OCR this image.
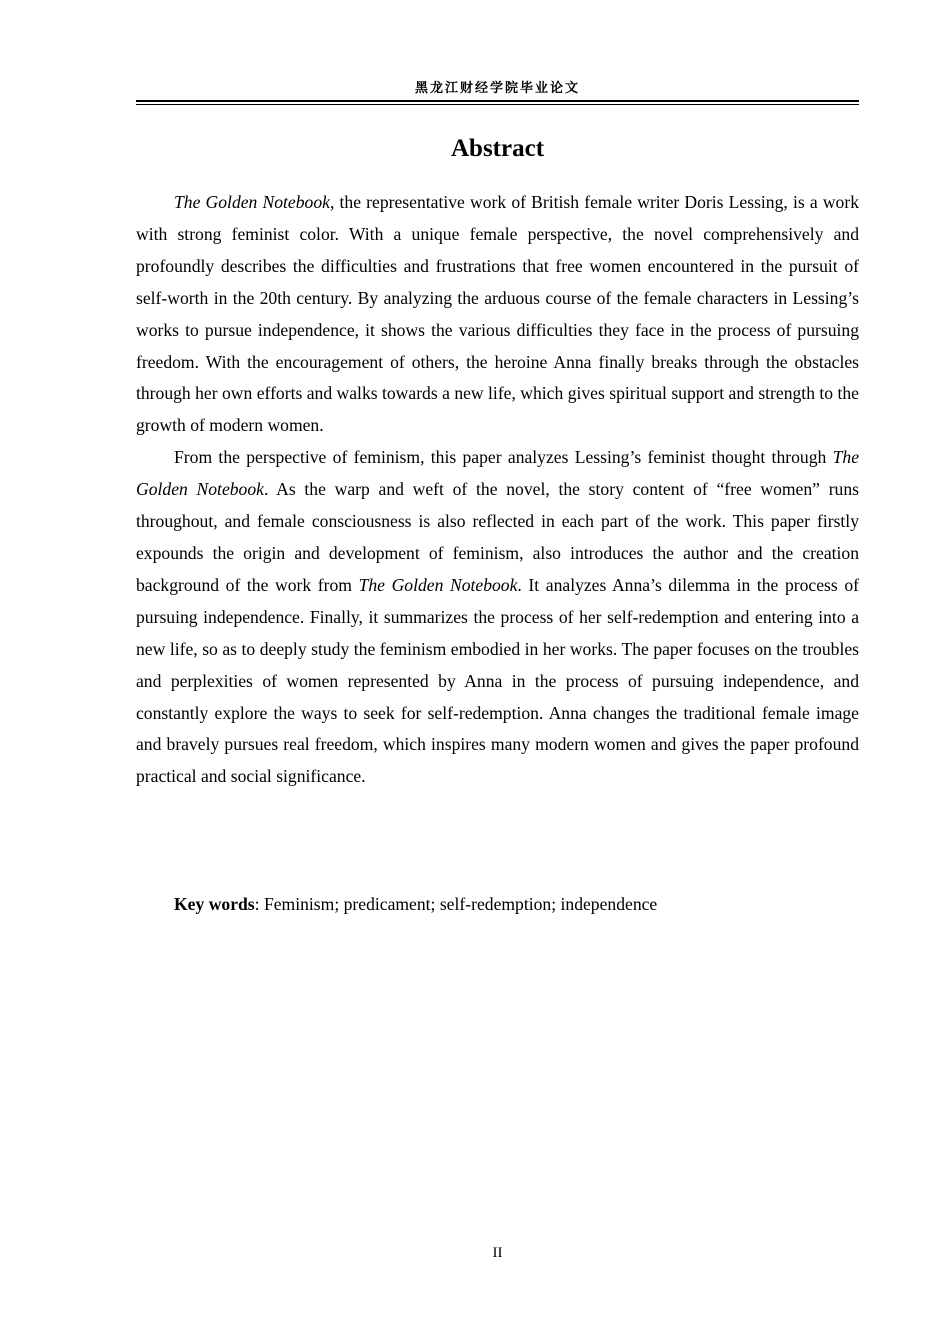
黑龙江财经学院毕业论文
Abstract

The Golden Notebook, the representative work of British female writer Doris Lessing, is a work with strong feminist color. With a unique female perspective, the novel comprehensively and profoundly describes the difficulties and frustrations that free women encountered in the pursuit of self-worth in the 20th century. By analyzing the arduous course of the female characters in Lessing’s works to pursue independence, it shows the various difficulties they face in the process of pursuing freedom. With the encouragement of others, the heroine Anna finally breaks through the obstacles through her own efforts and walks towards a new life, which gives spiritual support and strength to the growth of modern women.

From the perspective of feminism, this paper analyzes Lessing’s feminist thought through The Golden Notebook. As the warp and weft of the novel, the story content of “free women” runs throughout, and female consciousness is also reflected in each part of the work. This paper firstly expounds the origin and development of feminism, also introduces the author and the creation background of the work from The Golden Notebook. It analyzes Anna’s dilemma in the process of pursuing independence. Finally, it summarizes the process of her self-redemption and entering into a new life, so as to deeply study the feminism embodied in her works. The paper focuses on the troubles and perplexities of women represented by Anna in the process of pursuing independence, and constantly explore the ways to seek for self-redemption. Anna changes the traditional female image and bravely pursues real freedom, which inspires many modern women and gives the paper profound practical and social significance.

Key words: Feminism; predicament; self-redemption; independence
II
